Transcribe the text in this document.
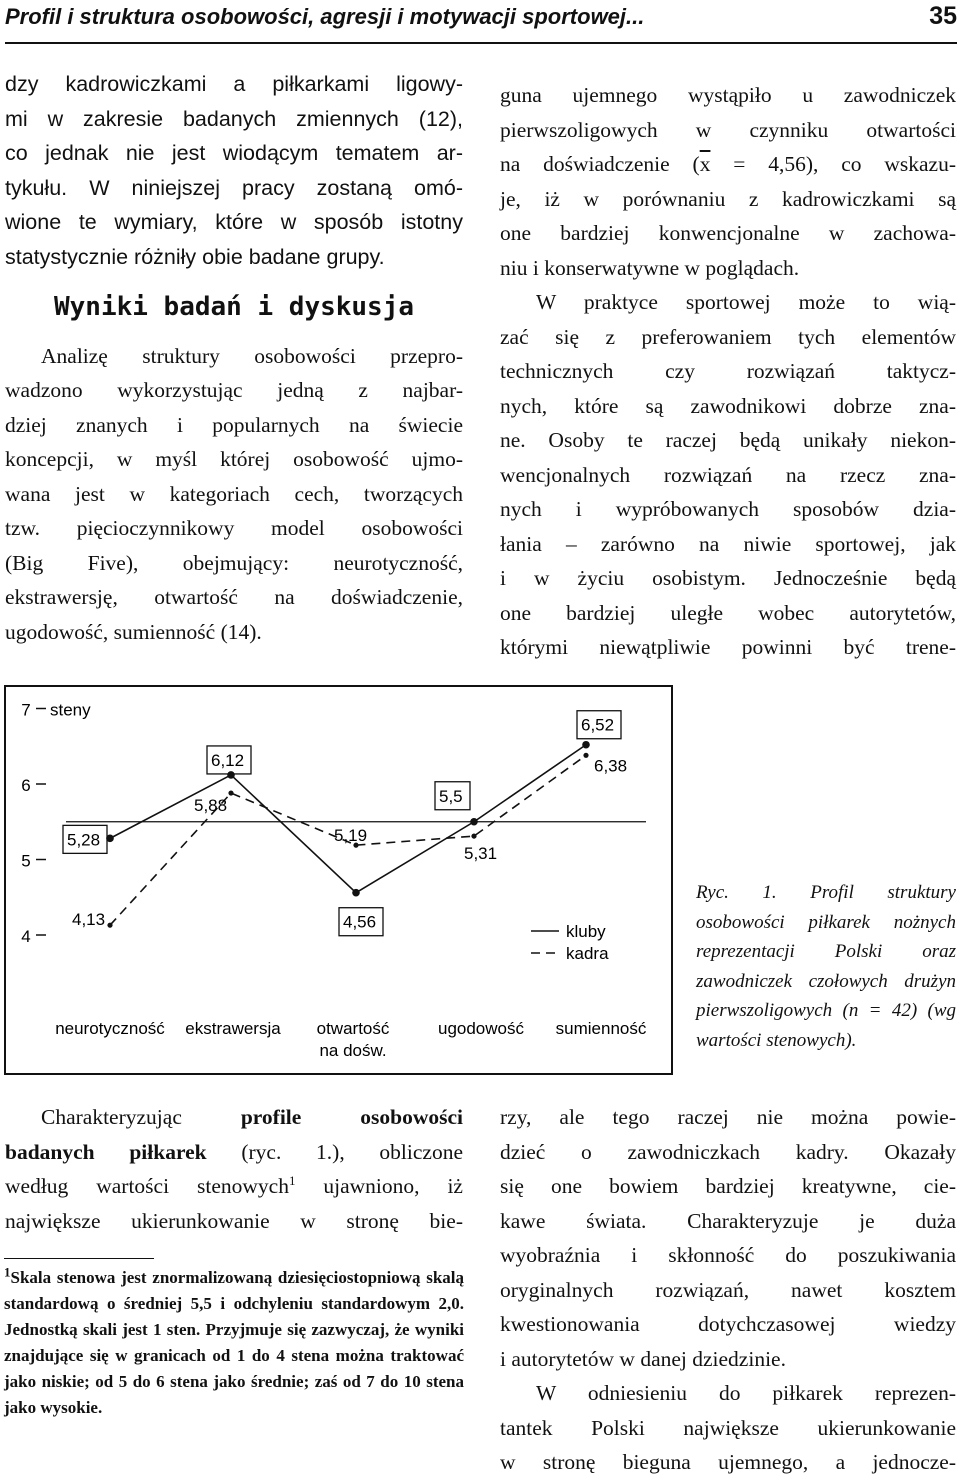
Profil i struktura osobowości, agresji i motywacji sportowej...	35
dzy kadrowiczkami a piłkarkami ligowy-
mi w zakresie badanych zmiennych (12),
co jednak nie jest wiodącym tematem ar-
tykułu. W niniejszej pracy zostaną omó-
wione te wymiary, które w sposób istotny
statystycznie różniły obie badane grupy.
Wyniki badań i dyskusja
Analizę struktury osobowości przepro-
wadzono wykorzystując jedną z najbar-
dziej znanych i popularnych na świecie
koncepcji, w myśl której osobowość ujmo-
wana jest w kategoriach cech, tworzących
tzw. pięcioczynnikowy model osobowości
(Big Five), obejmujący: neurotyczność,
ekstrawersję, otwartość na doświadczenie,
ugodowość, sumienność (14).
guna ujemnego wystąpiło u zawodniczek
pierwszoligowych w czynniku otwartości
na doświadczenie $(\overline{x} = 4,56)$, co wskazu-
je, iż w porównaniu z kadrowiczkami są
one bardziej konwencjonalne w zachowa-
niu i konserwatywne w poglądach.
W praktyce sportowej może to wią-
zać się z preferowaniem tych elementów
technicznych czy rozwiązań taktycz-
nych, które są zawodnikowi dobrze zna-
ne. Osoby te raczej będą unikały niekon-
wencjonalnych rozwiązań na rzecz zna-
nych i wypróbowanych sposobów dzia-
łania – zarówno na niwie sportowej, jak
i w życiu osobistym. Jednocześnie będą
one bardziej uległe wobec autorytetów,
którymi niewątpliwie powinni być trene-
4
5
6
7 steny
5,28
6,12
4,56
5,5
6,52
4,13
5,88
5,19
5,31
6,38
neurotyczność ekstrawersja otwartość
na dośw.
ugodowość sumienność
kluby
kadra
Ryc. 1. Profil struktury osobowości piłkarek nożnych reprezentacji Polski oraz zawodniczek czołowych drużyn pierwszoligowych (n = 42) (wg wartości stenowych).
Charakteryzując profile osobowości
badanych piłkarek (ryc. 1.), obliczone
według wartości stenowych$^1$ ujawniono, iż
największe ukierunkowanie w stronę bie-

$^1$Skala stenowa jest znormalizowaną dziesięciostopniową skalą standardową o średniej 5,5 i odchyleniu standardowym 2,0. Jednostką skali jest 1 sten. Przyjmuje się zazwyczaj, że wyniki znajdujące się w granicach od 1 do 4 stena można traktować jako niskie; od 5 do 6 stena jako średnie; zaś od 7 do 10 stena jako wysokie.

rzy, ale tego raczej nie można powie-
dzieć o zawodniczkach kadry. Okazały
się one bowiem bardziej kreatywne, cie-
kawe świata. Charakteryzuje je duża
wyobraźnia i skłonność do poszukiwania
oryginalnych rozwiązań, nawet kosztem
kwestionowania dotychczasowej wiedzy
i autorytetów w danej dziedzinie.
W odniesieniu do piłkarek reprezen-
tantek Polski największe ukierunkowanie
w stronę bieguna ujemnego, a jednocze-
